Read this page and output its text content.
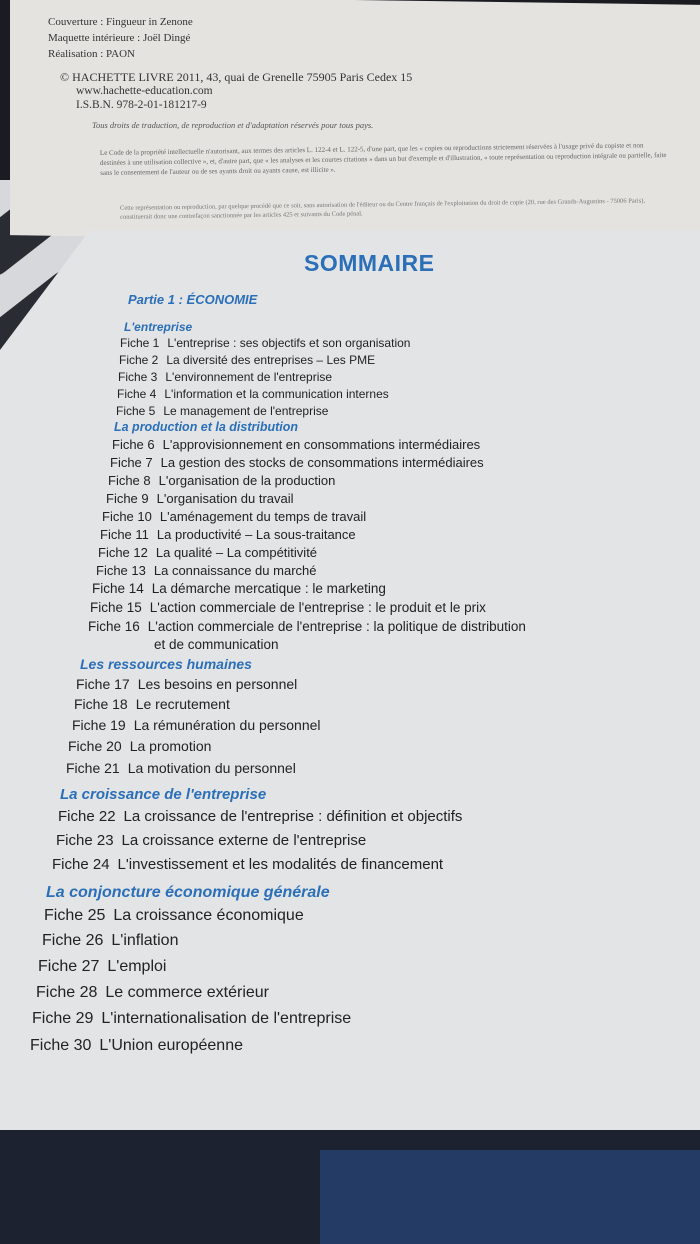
Couverture : Fingueur in Zenone
Maquette intérieure : Joël Dingé
Réalisation : PAON
© HACHETTE LIVRE 2011, 43, quai de Grenelle 75905 Paris Cedex 15
www.hachette-education.com
I.S.B.N. 978-2-01-181217-9
Tous droits de traduction, de reproduction et d'adaptation réservés pour tous pays.
Le Code de la propriété intellectuelle n'autorisant, aux termes des articles L. 122-4 et L. 122-5, d'une part, que les « copies ou reproductions strictement réservées à l'usage privé du copiste et non destinées à une utilisation collective », et, d'autre part, que « les analyses et les courtes citations » dans un but d'exemple et d'illustration, « toute représentation ou reproduction intégrale ou partielle, faite sans le consentement de l'auteur ou de ses ayants droit ou ayants cause, est illicite ».
Cette représentation ou reproduction, par quelque procédé que ce soit, sans autorisation de l'éditeur ou du Centre français de l'exploitation du droit de copie (20, rue des Grands-Augustins - 75006 Paris), constituerait donc une contrefaçon sanctionnée par les articles 425 et suivants du Code pénal.
SOMMAIRE
Partie 1 : ÉCONOMIE
L'entreprise
Fiche 1 L'entreprise : ses objectifs et son organisation
Fiche 2 La diversité des entreprises – Les PME
Fiche 3 L'environnement de l'entreprise
Fiche 4 L'information et la communication internes
Fiche 5 Le management de l'entreprise
La production et la distribution
Fiche 6 L'approvisionnement en consommations intermédiaires
Fiche 7 La gestion des stocks de consommations intermédiaires
Fiche 8 L'organisation de la production
Fiche 9 L'organisation du travail
Fiche 10 L'aménagement du temps de travail
Fiche 11 La productivité – La sous-traitance
Fiche 12 La qualité – La compétitivité
Fiche 13 La connaissance du marché
Fiche 14 La démarche mercatique : le marketing
Fiche 15 L'action commerciale de l'entreprise : le produit et le prix
Fiche 16 L'action commerciale de l'entreprise : la politique de distribution
et de communication
Les ressources humaines
Fiche 17 Les besoins en personnel
Fiche 18 Le recrutement
Fiche 19 La rémunération du personnel
Fiche 20 La promotion
Fiche 21 La motivation du personnel
La croissance de l'entreprise
Fiche 22 La croissance de l'entreprise : définition et objectifs
Fiche 23 La croissance externe de l'entreprise
Fiche 24 L'investissement et les modalités de financement
La conjoncture économique générale
Fiche 25 La croissance économique
Fiche 26 L'inflation
Fiche 27 L'emploi
Fiche 28 Le commerce extérieur
Fiche 29 L'internationalisation de l'entreprise
Fiche 30 L'Union européenne
